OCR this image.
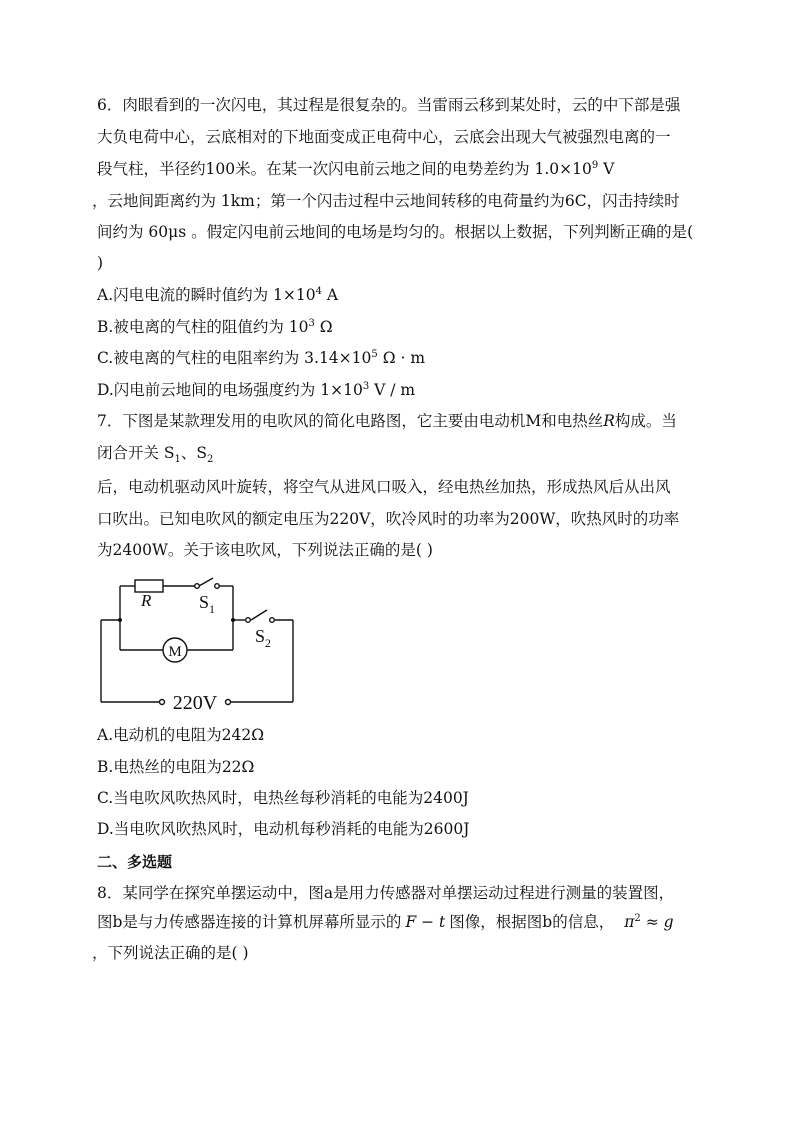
6．肉眼看到的一次闪电，其过程是很复杂的。当雷雨云移到某处时，云的中下部是强
大负电荷中心，云底相对的下地面变成正电荷中心，云底会出现大气被强烈电离的一
段气柱，半径约100米。在某一次闪电前云地之间的电势差约为 $1.0\times 10^9$ V
，云地间距离约为 1km；第一个闪击过程中云地间转移的电荷量约为6C，闪击持续时
间约为 60μs 。假定闪电前云地间的电场是均匀的。根据以上数据，下列判断正确的是(
)
A.闪电电流的瞬时值约为 $1\times 10^4$ A
B.被电离的气柱的阻值约为 $10^3$ Ω
C.被电离的气柱的电阻率约为 $3.14\times 10^5$ Ω · m
D.闪电前云地间的电场强度约为 $1\times 10^3$ V / m
7．下图是某款理发用的电吹风的简化电路图，它主要由电动机M和电热丝R构成。当
闭合开关 $S_1$、$S_2$
后，电动机驱动风叶旋转，将空气从进风口吸入，经电热丝加热，形成热风后从出风
口吹出。已知电吹风的额定电压为220V，吹冷风时的功率为200W，吹热风时的功率
为2400W。关于该电吹风，下列说法正确的是( )
R	$S_1$
$S_2$
M
220V
A.电动机的电阻为242Ω
B.电热丝的电阻为22Ω
C.当电吹风吹热风时，电热丝每秒消耗的电能为2400J
D.当电吹风吹热风时，电动机每秒消耗的电能为2600J
二、多选题
8．某同学在探究单摆运动中，图a是用力传感器对单摆运动过程进行测量的装置图，
图b是与力传感器连接的计算机屏幕所显示的 F − t 图像，根据图b的信息， $\pi^2 \approx g$
，下列说法正确的是( )
